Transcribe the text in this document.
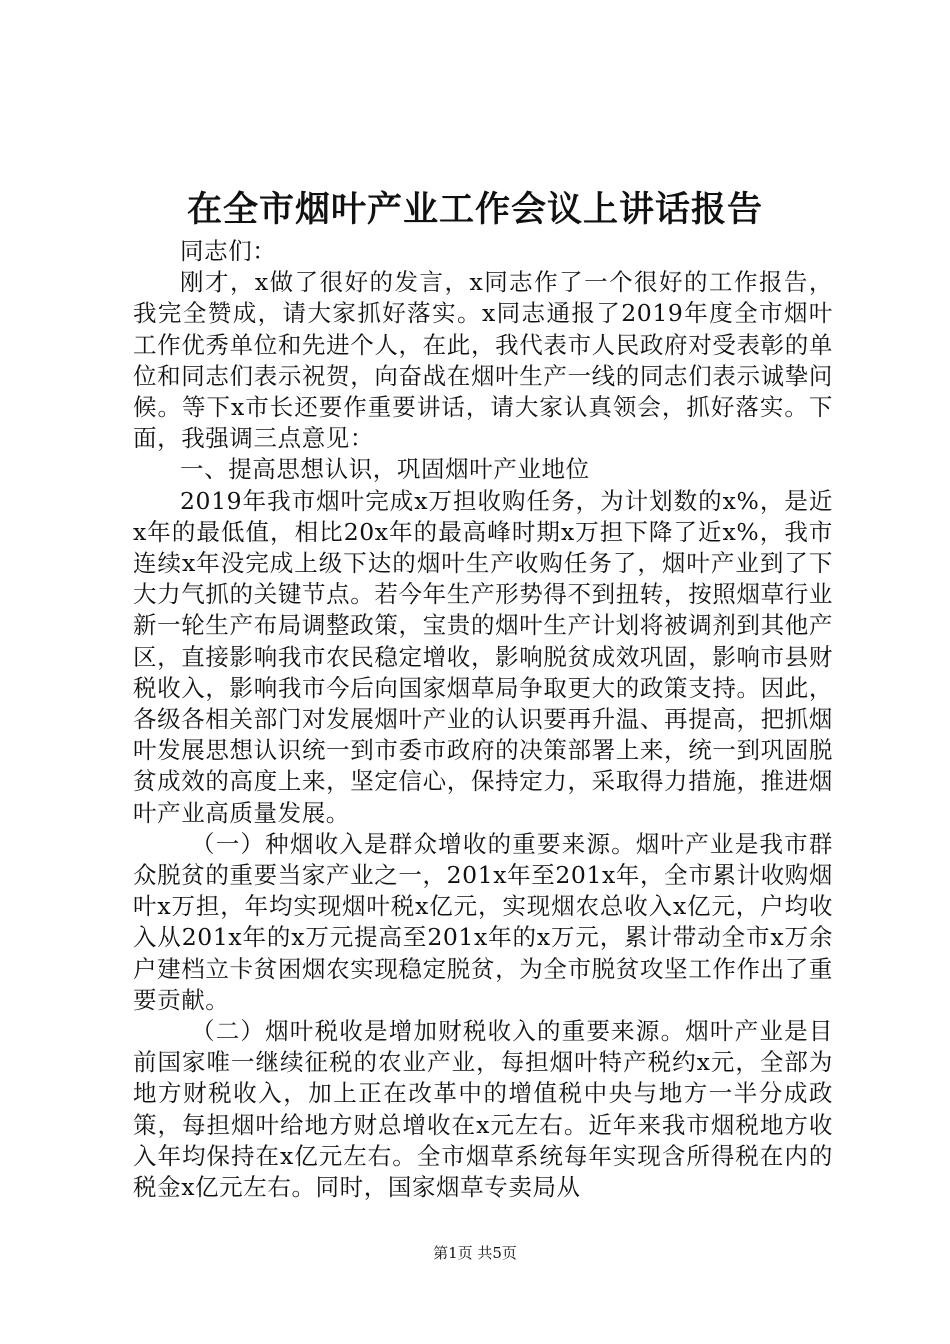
在全市烟叶产业工作会议上讲话报告

同志们：

刚才，x做了很好的发言，x同志作了一个很好的工作报告，我完全赞成，请大家抓好落实。x同志通报了2019年度全市烟叶工作优秀单位和先进个人，在此，我代表市人民政府对受表彰的单位和同志们表示祝贺，向奋战在烟叶生产一线的同志们表示诚挚问候。等下x市长还要作重要讲话，请大家认真领会，抓好落实。下面，我强调三点意见：

一、提高思想认识，巩固烟叶产业地位

2019年我市烟叶完成x万担收购任务，为计划数的x%，是近x年的最低值，相比20x年的最高峰时期x万担下降了近x%，我市连续x年没完成上级下达的烟叶生产收购任务了，烟叶产业到了下大力气抓的关键节点。若今年生产形势得不到扭转，按照烟草行业新一轮生产布局调整政策，宝贵的烟叶生产计划将被调剂到其他产区，直接影响我市农民稳定增收，影响脱贫成效巩固，影响市县财税收入，影响我市今后向国家烟草局争取更大的政策支持。因此，各级各相关部门对发展烟叶产业的认识要再升温、再提高，把抓烟叶发展思想认识统一到市委市政府的决策部署上来，统一到巩固脱贫成效的高度上来，坚定信心，保持定力，采取得力措施，推进烟叶产业高质量发展。

（一）种烟收入是群众增收的重要来源。烟叶产业是我市群众脱贫的重要当家产业之一，201x年至201x年，全市累计收购烟叶x万担，年均实现烟叶税x亿元，实现烟农总收入x亿元，户均收入从201x年的x万元提高至201x年的x万元，累计带动全市x万余户建档立卡贫困烟农实现稳定脱贫，为全市脱贫攻坚工作作出了重要贡献。

（二）烟叶税收是增加财税收入的重要来源。烟叶产业是目前国家唯一继续征税的农业产业，每担烟叶特产税约x元，全部为地方财税收入，加上正在改革中的增值税中央与地方一半分成政策，每担烟叶给地方财总增收在x元左右。近年来我市烟税地方收入年均保持在x亿元左右。全市烟草系统每年实现含所得税在内的税金x亿元左右。同时，国家烟草专卖局从

第1页 共5页
